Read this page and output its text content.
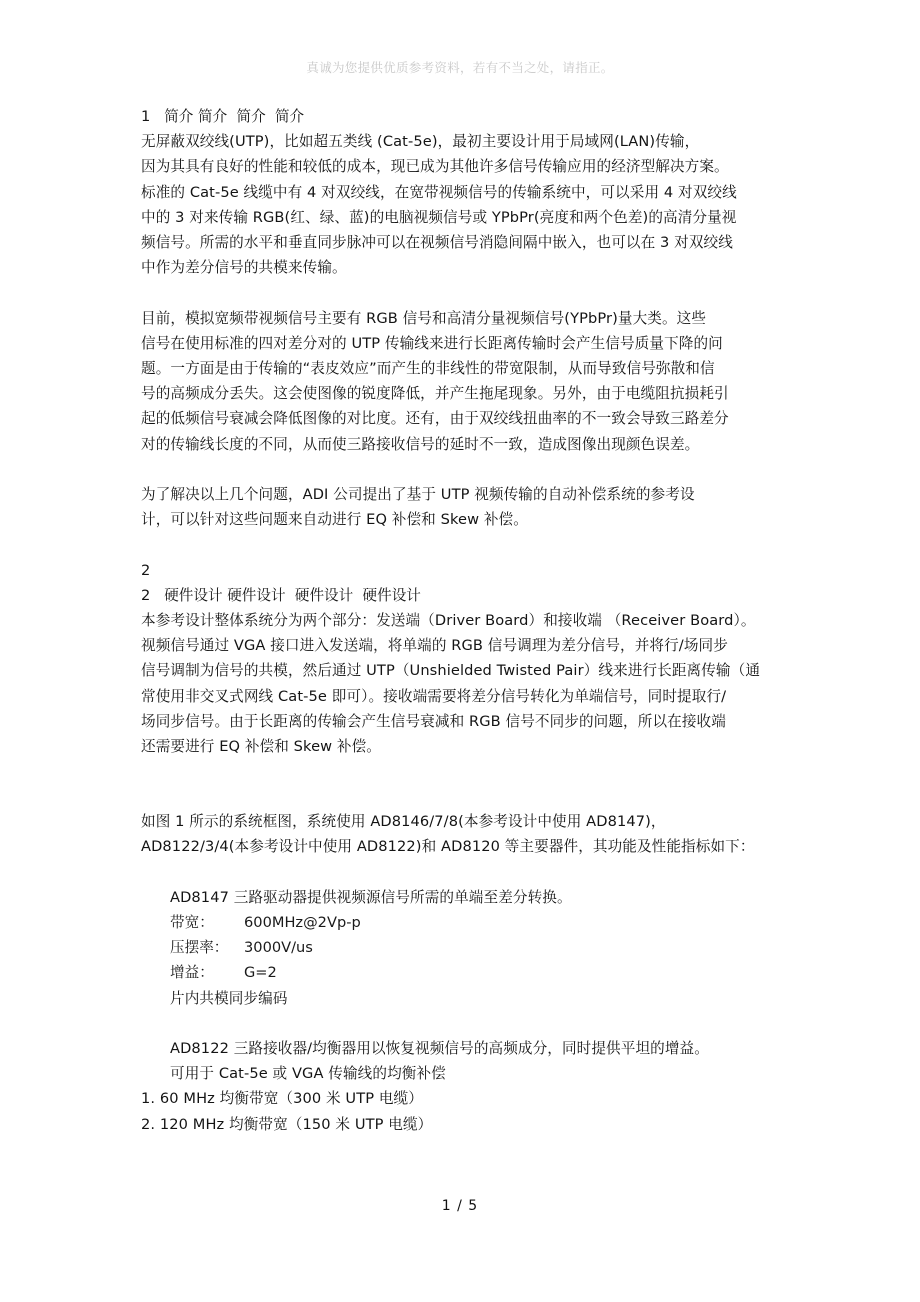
真诚为您提供优质参考资料，若有不当之处，请指正。
1   简介 简介  简介  简介
无屏蔽双绞线(UTP)，比如超五类线 (Cat-5e)，最初主要设计用于局域网(LAN)传输，
因为其具有良好的性能和较低的成本，现已成为其他许多信号传输应用的经济型解决方案。
标准的 Cat-5e 线缆中有 4 对双绞线，在宽带视频信号的传输系统中，可以采用 4 对双绞线
中的 3 对来传输 RGB(红、绿、蓝)的电脑视频信号或 YPbPr(亮度和两个色差)的高清分量视
频信号。所需的水平和垂直同步脉冲可以在视频信号消隐间隔中嵌入，也可以在 3 对双绞线
中作为差分信号的共模来传输。
目前，模拟宽频带视频信号主要有 RGB 信号和高清分量视频信号(YPbPr)量大类。这些
信号在使用标准的四对差分对的 UTP 传输线来进行长距离传输时会产生信号质量下降的问
题。一方面是由于传输的“表皮效应”而产生的非线性的带宽限制，从而导致信号弥散和信
号的高频成分丢失。这会使图像的锐度降低，并产生拖尾现象。另外，由于电缆阻抗损耗引
起的低频信号衰减会降低图像的对比度。还有，由于双绞线扭曲率的不一致会导致三路差分
对的传输线长度的不同，从而使三路接收信号的延时不一致，造成图像出现颜色误差。
为了解决以上几个问题，ADI 公司提出了基于 UTP 视频传输的自动补偿系统的参考设
计，可以针对这些问题来自动进行 EQ 补偿和 Skew 补偿。
2
2   硬件设计 硬件设计  硬件设计  硬件设计
本参考设计整体系统分为两个部分：发送端（Driver Board）和接收端 （Receiver Board）。
视频信号通过 VGA 接口进入发送端，将单端的 RGB 信号调理为差分信号，并将行/场同步
信号调制为信号的共模，然后通过 UTP（Unshielded Twisted Pair）线来进行长距离传输（通
常使用非交叉式网线 Cat-5e 即可）。接收端需要将差分信号转化为单端信号，同时提取行/
场同步信号。由于长距离的传输会产生信号衰减和 RGB 信号不同步的问题，所以在接收端
还需要进行 EQ 补偿和 Skew 补偿。
如图 1 所示的系统框图，系统使用 AD8146/7/8(本参考设计中使用 AD8147)，
AD8122/3/4(本参考设计中使用 AD8122)和 AD8120 等主要器件，其功能及性能指标如下：
AD8147 三路驱动器提供视频源信号所需的单端至差分转换。
带宽：	600MHz@2Vp-p
压摆率：	3000V/us
增益：	G=2
片内共模同步编码
AD8122 三路接收器/均衡器用以恢复视频信号的高频成分，同时提供平坦的增益。
可用于 Cat-5e 或 VGA 传输线的均衡补偿
1. 60 MHz 均衡带宽（300 米 UTP 电缆）
2. 120 MHz 均衡带宽（150 米 UTP 电缆）
1 / 5
